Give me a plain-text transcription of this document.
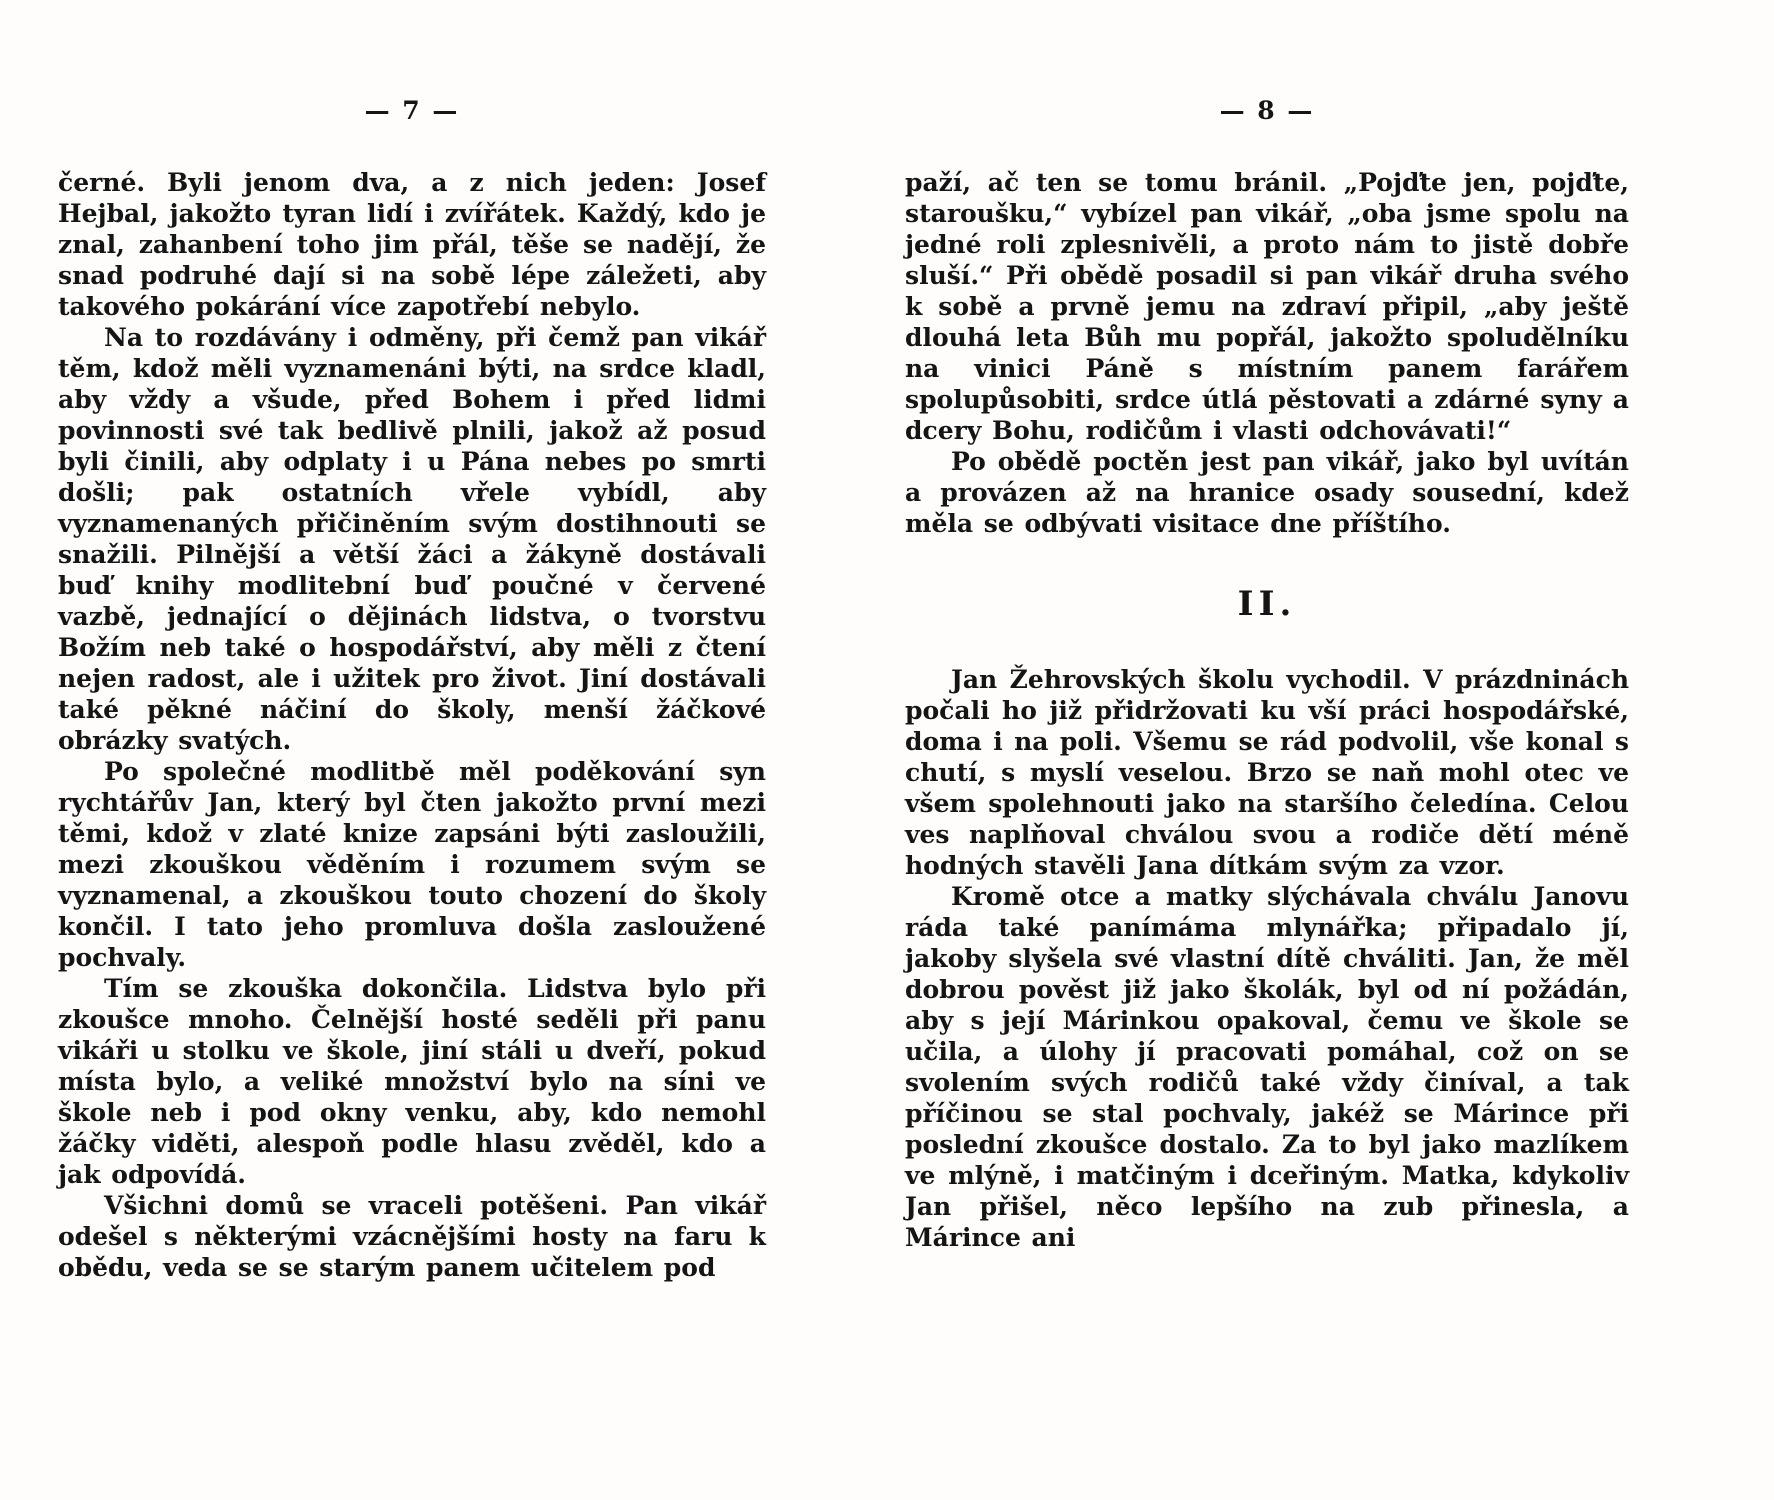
— 7 —

černé. Byli jenom dva, a z nich jeden: Josef Hejbal, jakožto tyran lidí i zvířátek. Každý, kdo je znal, zahanbení toho jim přál, těše se nadějí, že snad podruhé dají si na sobě lépe záležeti, aby takového pokárání více zapotřebí nebylo.

Na to rozdávány i odměny, při čemž pan vikář těm, kdož měli vyznamenáni býti, na srdce kladl, aby vždy a všude, před Bohem i před lidmi povinnosti své tak bedlivě plnili, jakož až posud byli činili, aby odplaty i u Pána nebes po smrti došli; pak ostatních vřele vybídl, aby vyznamenaných přičiněním svým dostihnouti se snažili. Pilnější a větší žáci a žákyně dostávali buď knihy modlitební buď poučné v červené vazbě, jednající o dějinách lidstva, o tvorstvu Božím neb také o hospodářství, aby měli z čtení nejen radost, ale i užitek pro život. Jiní dostávali také pěkné náčiní do školy, menší žáčkové obrázky svatých.

Po společné modlitbě měl poděkování syn rychtářův Jan, který byl čten jakožto první mezi těmi, kdož v zlaté knize zapsáni býti zasloužili, mezi zkouškou věděním i rozumem svým se vyznamenal, a zkouškou touto chození do školy končil. I tato jeho promluva došla zasloužené pochvaly.

Tím se zkouška dokončila. Lidstva bylo při zkoušce mnoho. Čelnější hosté seděli při panu vikáři u stolku ve škole, jiní stáli u dveří, pokud místa bylo, a veliké množství bylo na síni ve škole neb i pod okny venku, aby, kdo nemohl žáčky viděti, alespoň podle hlasu zvěděl, kdo a jak odpovídá.

Všichni domů se vraceli potěšeni. Pan vikář odešel s některými vzácnějšími hosty na faru k obědu, veda se se starým panem učitelem pod

— 8 —

paží, ač ten se tomu bránil. „Pojďte jen, pojďte, staroušku,“ vybízel pan vikář, „oba jsme spolu na jedné roli zplesnivěli, a proto nám to jistě dobře sluší.“ Při obědě posadil si pan vikář druha svého k sobě a prvně jemu na zdraví připil, „aby ještě dlouhá leta Bůh mu popřál, jakožto spoludělníku na vinici Páně s místním panem farářem spolupůsobiti, srdce útlá pěstovati a zdárné syny a dcery Bohu, rodičům i vlasti odchovávati!“

Po obědě poctěn jest pan vikář, jako byl uvítán a provázen až na hranice osady sousední, kdež měla se odbývati visitace dne příštího.

II.

Jan Žehrovských školu vychodil. V prázdninách počali ho již přidržovati ku vší práci hospodářské, doma i na poli. Všemu se rád podvolil, vše konal s chutí, s myslí veselou. Brzo se naň mohl otec ve všem spolehnouti jako na staršího čeledína. Celou ves naplňoval chválou svou a rodiče dětí méně hodných stavěli Jana dítkám svým za vzor.

Kromě otce a matky slýchávala chválu Janovu ráda také panímáma mlynářka; připadalo jí, jakoby slyšela své vlastní dítě chváliti. Jan, že měl dobrou pověst již jako školák, byl od ní požádán, aby s její Márinkou opakoval, čemu ve škole se učila, a úlohy jí pracovati pomáhal, což on se svolením svých rodičů také vždy činíval, a tak příčinou se stal pochvaly, jakéž se Márince při poslední zkoušce dostalo. Za to byl jako mazlíkem ve mlýně, i matčiným i dceřiným. Matka, kdykoliv Jan přišel, něco lepšího na zub přinesla, a Márince ani
